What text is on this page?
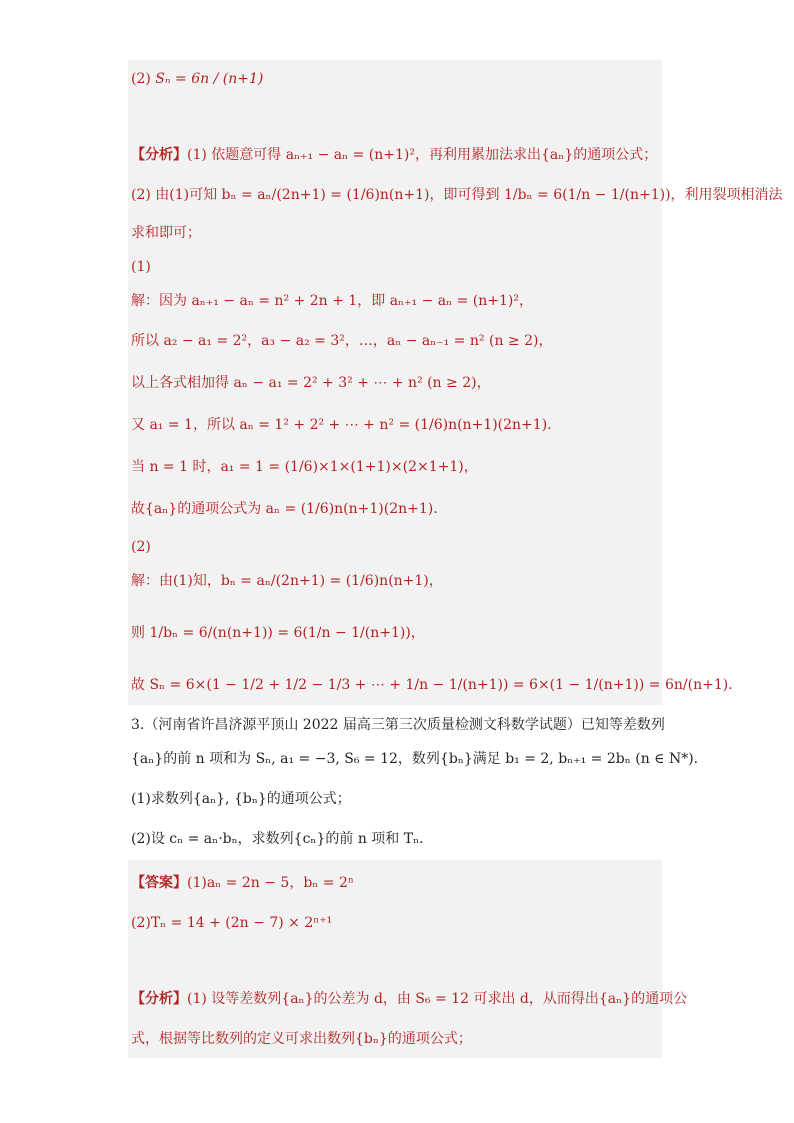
(2) Sₙ = 6n / (n+1)
【分析】(1) 依题意可得 aₙ₊₁ − aₙ = (n+1)²，再利用累加法求出{aₙ}的通项公式；
(2) 由(1)可知 bₙ = aₙ/(2n+1) = (1/6)n(n+1)，即可得到 1/bₙ = 6(1/n − 1/(n+1))，利用裂项相消法
求和即可；
(1)
解：因为 aₙ₊₁ − aₙ = n² + 2n + 1，即 aₙ₊₁ − aₙ = (n+1)²，
所以 a₂ − a₁ = 2²，a₃ − a₂ = 3²，…，aₙ − aₙ₋₁ = n² (n ≥ 2)，
以上各式相加得 aₙ − a₁ = 2² + 3² + ⋯ + n² (n ≥ 2)，
又 a₁ = 1，所以 aₙ = 1² + 2² + ⋯ + n² = (1/6)n(n+1)(2n+1).
当 n = 1 时，a₁ = 1 = (1/6)×1×(1+1)×(2×1+1)，
故{aₙ}的通项公式为 aₙ = (1/6)n(n+1)(2n+1).
(2)
解：由(1)知，bₙ = aₙ/(2n+1) = (1/6)n(n+1)，
则 1/bₙ = 6/(n(n+1)) = 6(1/n − 1/(n+1))，
故 Sₙ = 6×(1 − 1/2 + 1/2 − 1/3 + ⋯ + 1/n − 1/(n+1)) = 6×(1 − 1/(n+1)) = 6n/(n+1).
3.（河南省许昌济源平顶山 2022 届高三第三次质量检测文科数学试题）已知等差数列
{aₙ}的前 n 项和为 Sₙ, a₁ = −3, S₆ = 12，数列{bₙ}满足 b₁ = 2, bₙ₊₁ = 2bₙ (n ∈ N*)．
(1)求数列{aₙ}, {bₙ}的通项公式；
(2)设 cₙ = aₙ·bₙ，求数列{cₙ}的前 n 项和 Tₙ．
【答案】(1)aₙ = 2n − 5，bₙ = 2ⁿ
(2)Tₙ = 14 + (2n − 7) × 2ⁿ⁺¹
【分析】(1) 设等差数列{aₙ}的公差为 d，由 S₆ = 12 可求出 d，从而得出{aₙ}的通项公
式，根据等比数列的定义可求出数列{bₙ}的通项公式；
